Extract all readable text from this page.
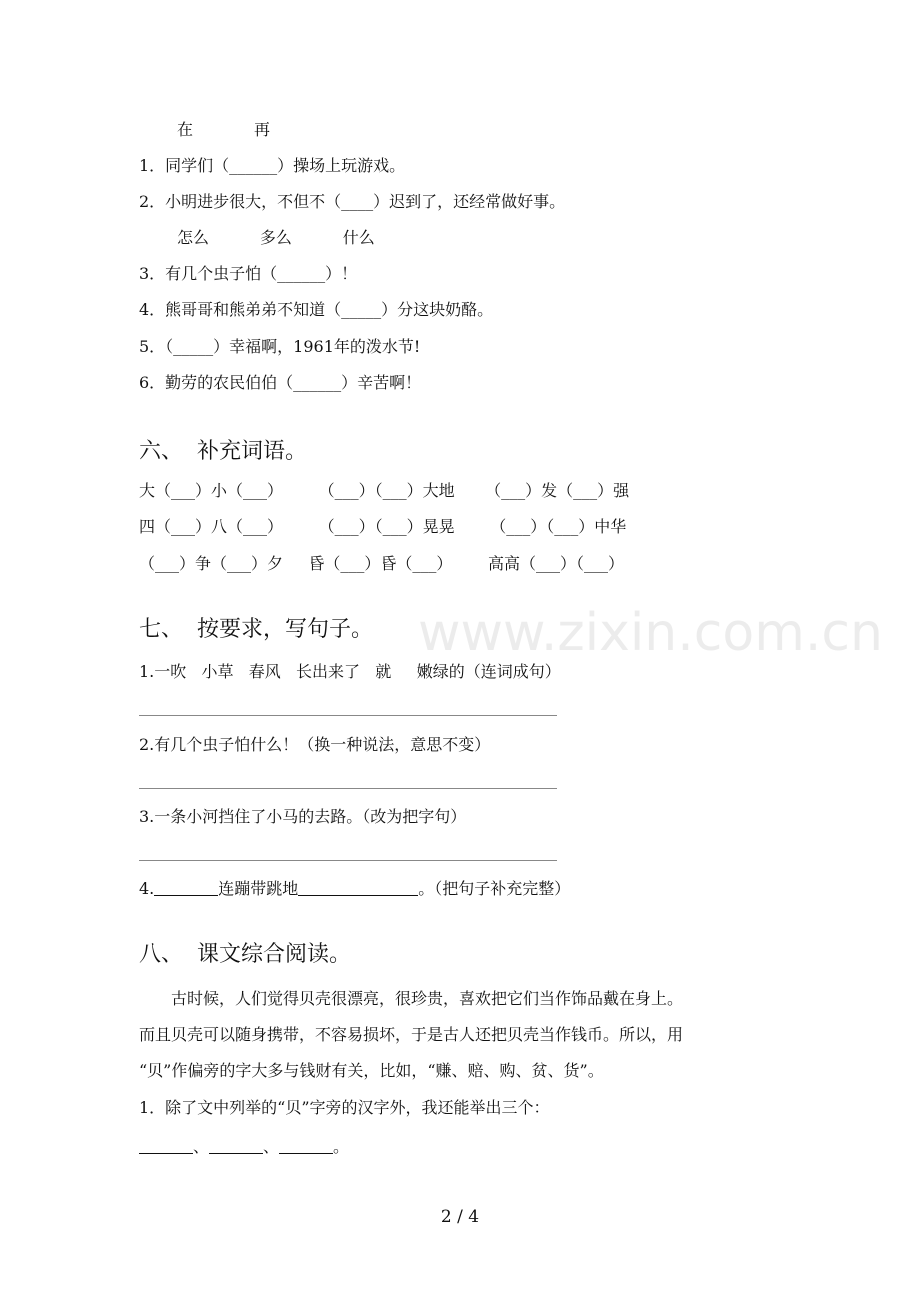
www.zixin.com.cn
在            再
1．同学们（______）操场上玩游戏。
2．小明进步很大，不但不（____）迟到了，还经常做好事。
怎么          多么          什么
3．有几个虫子怕（______）！
4．熊哥哥和熊弟弟不知道（_____）分这块奶酪。
5．（_____）幸福啊，1961年的泼水节!
6．勤劳的农民伯伯（______）辛苦啊！
六、  补充词语。
大（___）小（___）       （___）（___）大地      （___）发（___）强
四（___）八（___）       （___）（___）晃晃       （___）（___）中华
（___）争（___）夕     昏（___）昏（___）       高高（___）（___）
七、  按要求，写句子。
1.一吹   小草   春风   长出来了   就     嫩绿的（连词成句）
2.有几个虫子怕什么！（换一种说法，意思不变）
3.一条小河挡住了小马的去路。（改为把字句）
4.	连蹦带跳地	。（把句子补充完整）
八、  课文综合阅读。
古时候，人们觉得贝壳很漂亮，很珍贵，喜欢把它们当作饰品戴在身上。
而且贝壳可以随身携带，不容易损坏，于是古人还把贝壳当作钱币。所以，用
“贝”作偏旁的字大多与钱财有关，比如，“赚、赔、购、贫、货”。
1．除了文中列举的“贝”字旁的汉字外，我还能举出三个：
、	、	。
2 / 4
